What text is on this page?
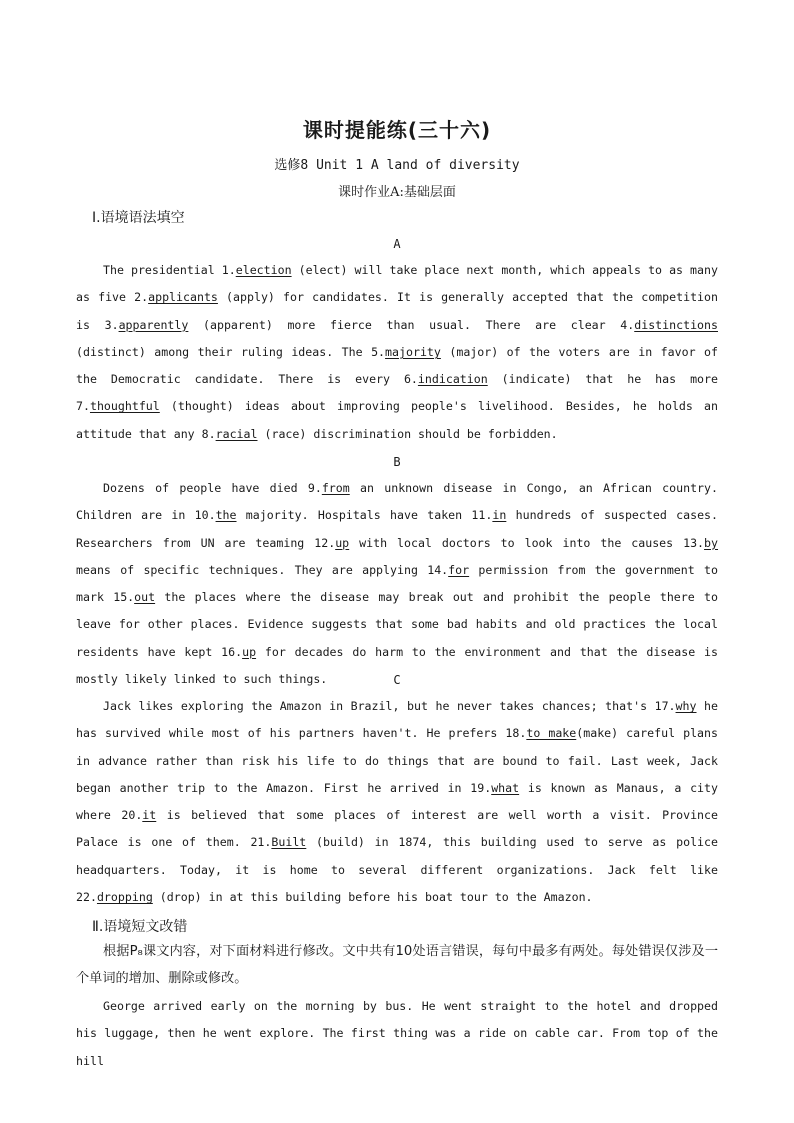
课时提能练(三十六)
选修8 Unit 1 A land of diversity
课时作业A:基础层面
Ⅰ.语境语法填空
A

The presidential 1.election (elect) will take place next month, which appeals to as many as five 2.applicants (apply) for candidates. It is generally accepted that the competition is 3.apparently (apparent) more fierce than usual. There are clear 4.distinctions (distinct) among their ruling ideas. The 5.majority (major) of the voters are in favor of the Democratic candidate. There is every 6.indication (indicate) that he has more 7.thoughtful (thought) ideas about improving people's livelihood. Besides, he holds an attitude that any 8.racial (race) discrimination should be forbidden.

B

Dozens of people have died 9.from an unknown disease in Congo, an African country. Children are in 10.the majority. Hospitals have taken 11.in hundreds of suspected cases. Researchers from UN are teaming 12.up with local doctors to look into the causes 13.by means of specific techniques. They are applying 14.for permission from the government to mark 15.out the places where the disease may break out and prohibit the people there to leave for other places. Evidence suggests that some bad habits and old practices the local residents have kept 16.up for decades do harm to the environment and that the disease is mostly likely linked to such things.	C

Jack likes exploring the Amazon in Brazil, but he never takes chances; that's 17.why he has survived while most of his partners haven't. He prefers 18.to make(make) careful plans in advance rather than risk his life to do things that are bound to fail. Last week, Jack began another trip to the Amazon. First he arrived in 19.what is known as Manaus, a city where 20.it is believed that some places of interest are well worth a visit. Province Palace is one of them. 21.Built (build) in 1874, this building used to serve as police headquarters. Today, it is home to several different organizations. Jack felt like 22.dropping (drop) in at this building before his boat tour to the Amazon.

Ⅱ.语境短文改错

根据P₈课文内容，对下面材料进行修改。文中共有10处语言错误，每句中最多有两处。每处错误仅涉及一个单词的增加、删除或修改。

George arrived early on the morning by bus. He went straight to the hotel and dropped his luggage, then he went explore. The first thing was a ride on cable car. From top of the hill
